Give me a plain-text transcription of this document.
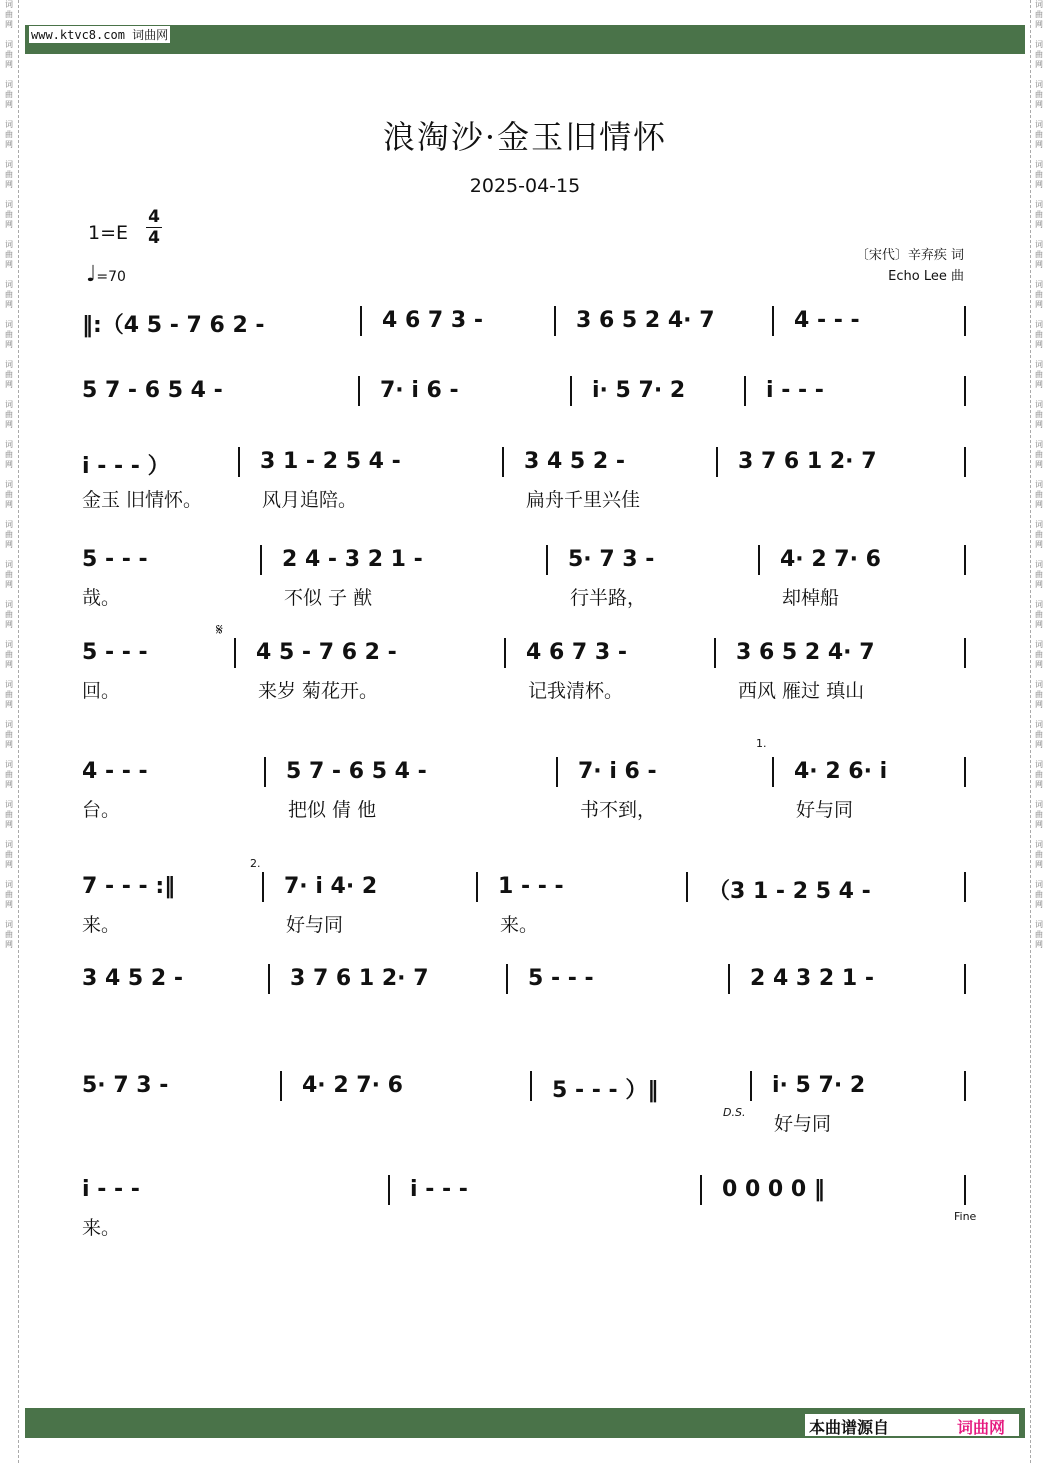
词
曲
网

词
曲
网

词
曲
网

词
曲
网

词
曲
网

词
曲
网

词
曲
网

词
曲
网

词
曲
网

词
曲
网

词
曲
网

词
曲
网

词
曲
网

词
曲
网

词
曲
网

词
曲
网

词
曲
网

词
曲
网

词
曲
网

词
曲
网

词
曲
网

词
曲
网

词
曲
网

词
曲
网

词
曲
网

词
曲
网

词
曲
网

词
曲
网

词
曲
网

词
曲
网

词
曲
网

词
曲
网

词
曲
网

词
曲
网

词
曲
网

词
曲
网

词
曲
网

词
曲
网

词
曲
网

词
曲
网

词
曲
网

词
曲
网

词
曲
网

词
曲
网

词
曲
网

词
曲
网

词
曲
网

词
曲
网

www.ktvc8.com 词曲网
浪淘沙·金玉旧情怀
2025-04-15
1=E
4
4
♩=70
〔宋代〕辛弃疾 词
Echo Lee 曲
‖:（4 5 - 7 6 2 -	4 6 7 3 -	3 6 5 2 4· 7	4 - - -
5 7 - 6 5 4 -	7· i 6 -	i· 5 7· 2	i - - -
i - - - ）	3 1 - 2 5 4 -	3 4 5 2 -	3 7 6 1 2· 7
金玉 旧情怀。	风月追陪。	扁舟千里兴佳
5 - - -	2 4 - 3 2 1 -	5· 7 3 -	4· 2 7· 6
哉。	不似 子 猷	行半路，	却棹船
5 - - -	4 5 - 7 6 2 -	4 6 7 3 -	3 6 5 2 4· 7
回。	来岁 菊花开。	记我清杯。	西风 雁过 瑱山
4 - - -	5 7 - 6 5 4 -	7· i 6 -	4· 2 6· i
台。	把似 倩 他	书不到，	好与同
7 - - - :‖	7· i 4· 2	1 - - -	（3 1 - 2 5 4 -
来。	好与同	来。
3 4 5 2 -	3 7 6 1 2· 7	5 - - -	2 4 3 2 1 -
5· 7 3 -	4· 2 7· 6	5 - - - ）‖	i· 5 7· 2
好与同
i - - -	i - - -	0 0 0 0 ‖
来。
𝄋
1.
2.
D.S.
Fine
本曲谱源自	词曲网
